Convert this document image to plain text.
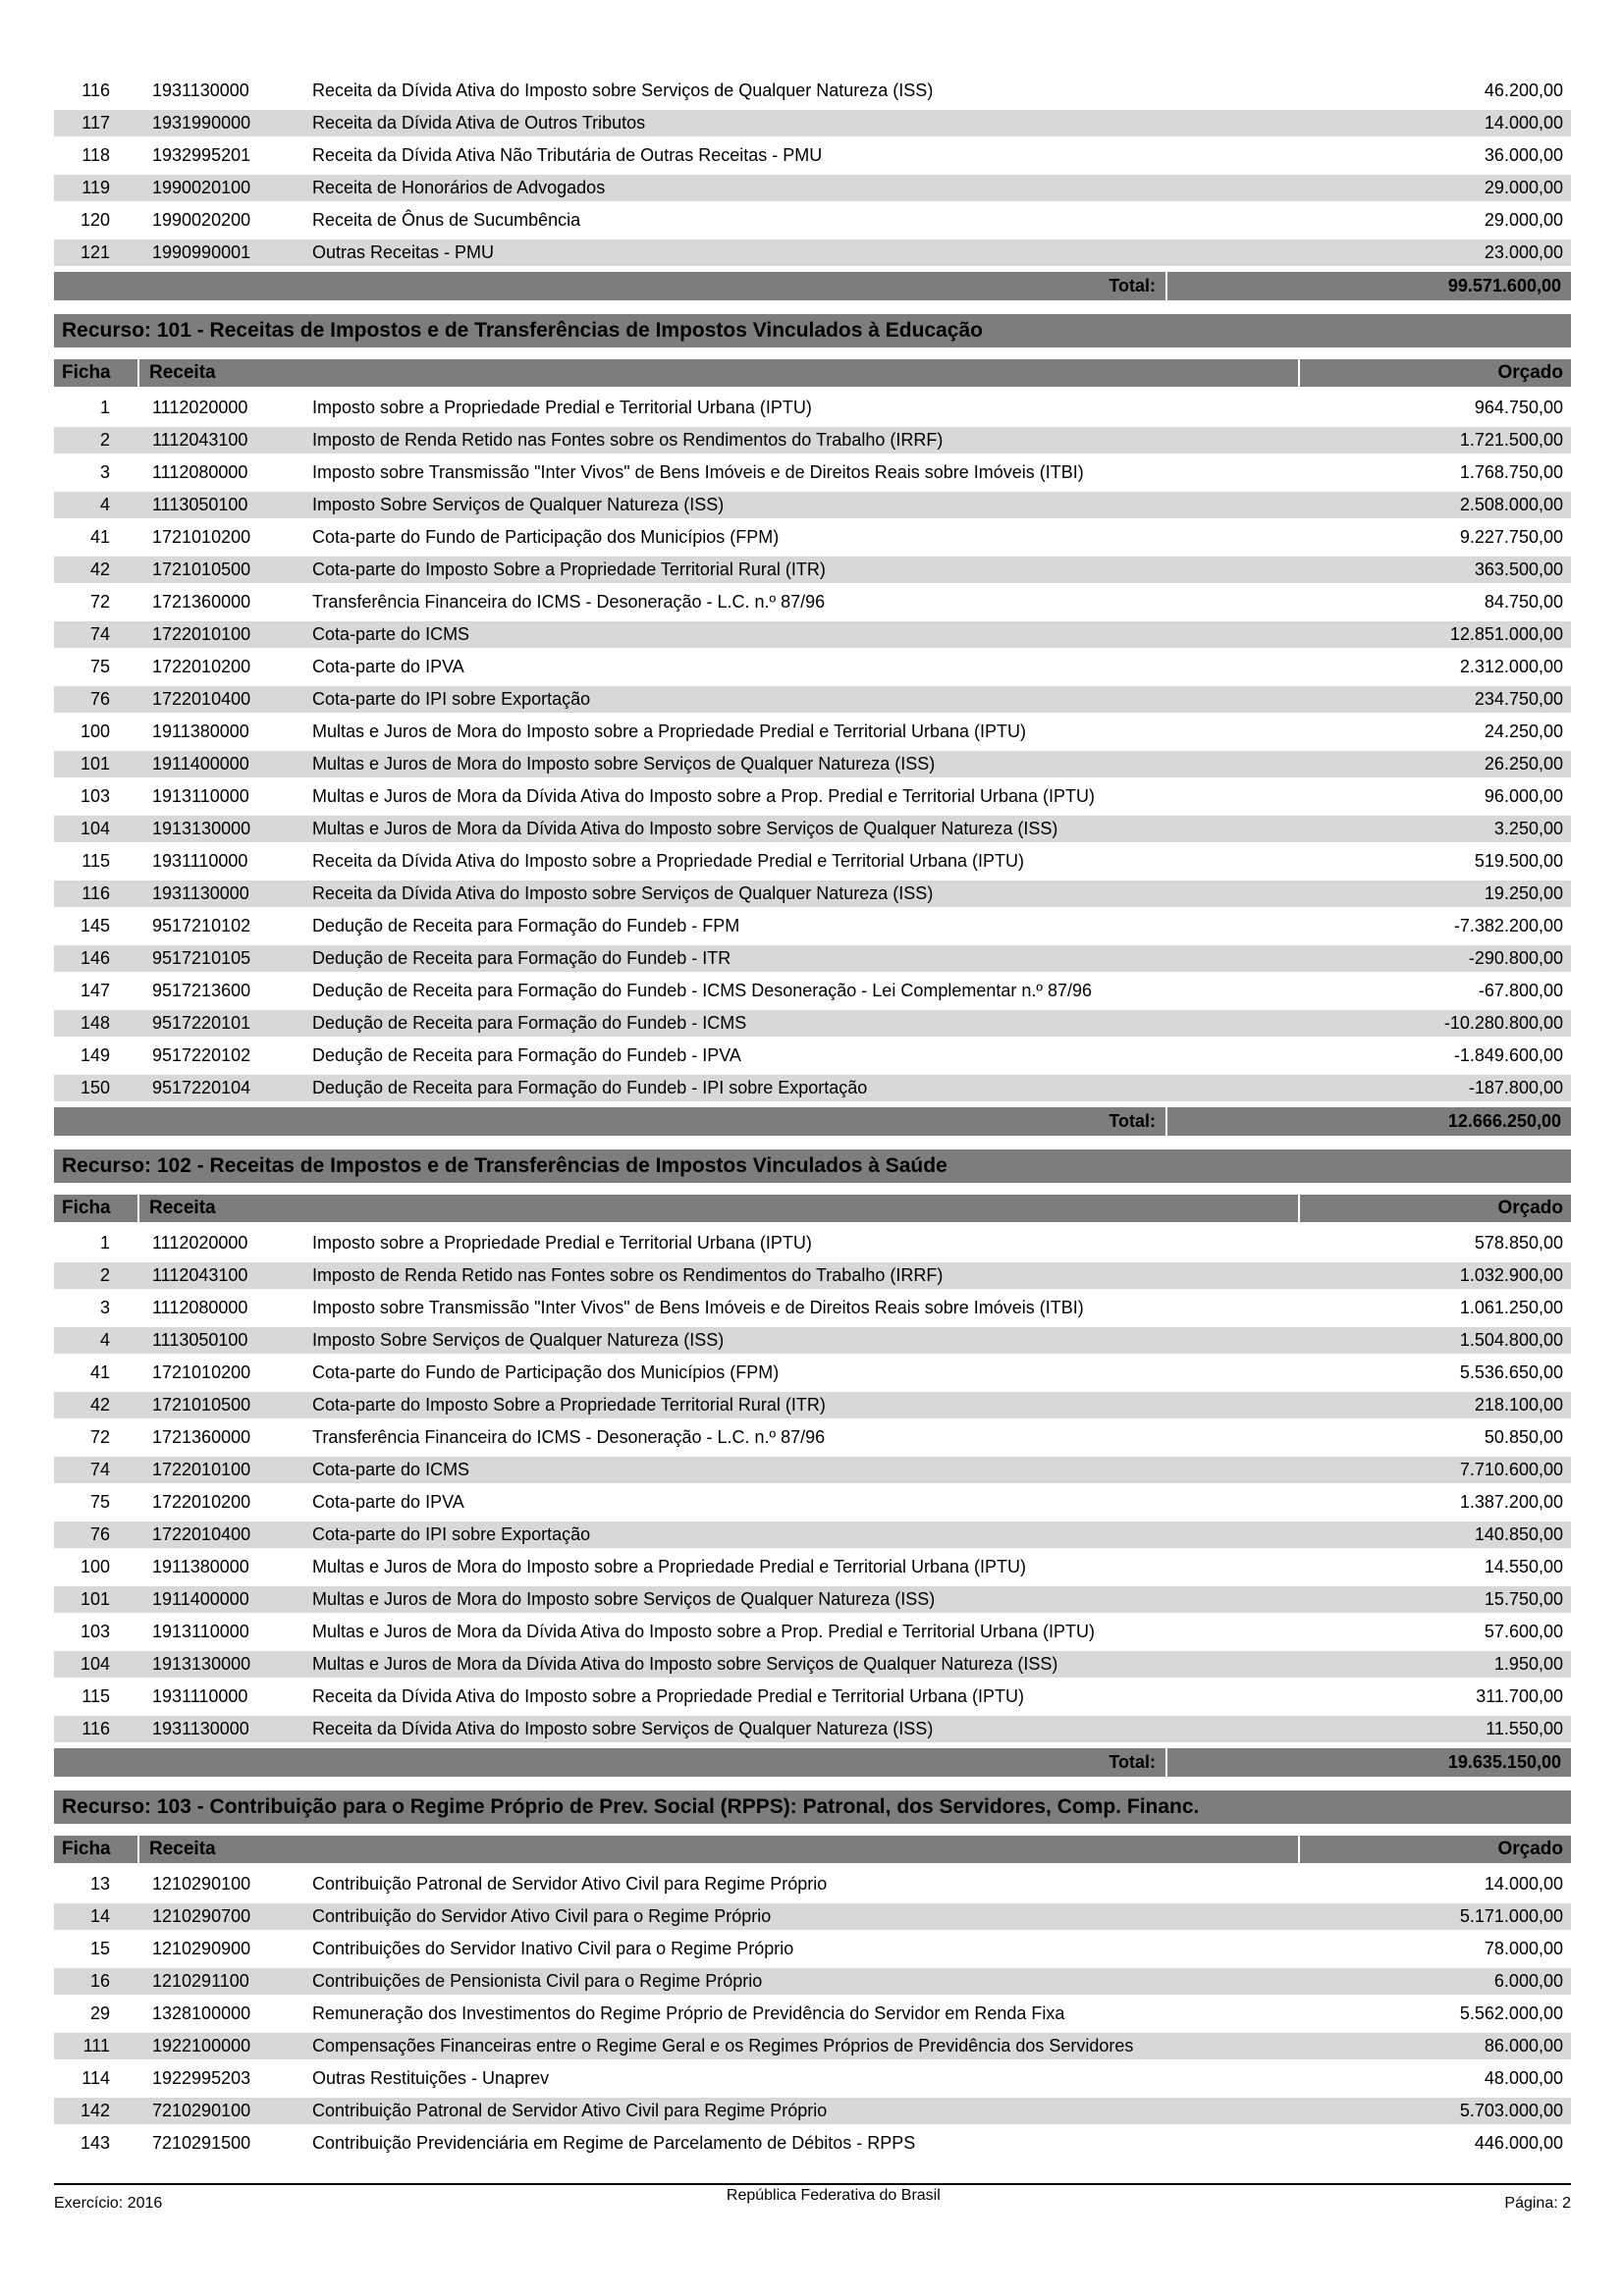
116	1931130000	Receita da Dívida Ativa do Imposto sobre Serviços de Qualquer Natureza (ISS)	46.200,00
117	1931990000	Receita da Dívida Ativa de Outros Tributos	14.000,00
118	1932995201	Receita da Dívida Ativa Não Tributária de Outras Receitas - PMU	36.000,00
119	1990020100	Receita de Honorários de Advogados	29.000,00
120	1990020200	Receita de Ônus de Sucumbência	29.000,00
121	1990990001	Outras Receitas - PMU	23.000,00
Total:	99.571.600,00
Recurso: 101 - Receitas de Impostos e de Transferências de Impostos Vinculados à Educação
Ficha	Receita	Orçado
1	1112020000	Imposto sobre a Propriedade Predial e Territorial Urbana (IPTU)	964.750,00
2	1112043100	Imposto de Renda Retido nas Fontes sobre os Rendimentos do Trabalho (IRRF)	1.721.500,00
3	1112080000	Imposto sobre Transmissão "Inter Vivos" de Bens Imóveis e de Direitos Reais sobre Imóveis (ITBI)	1.768.750,00
4	1113050100	Imposto Sobre Serviços de Qualquer Natureza (ISS)	2.508.000,00
41	1721010200	Cota-parte do Fundo de Participação dos Municípios (FPM)	9.227.750,00
42	1721010500	Cota-parte do Imposto Sobre a Propriedade Territorial Rural (ITR)	363.500,00
72	1721360000	Transferência Financeira do ICMS - Desoneração - L.C. n.º 87/96	84.750,00
74	1722010100	Cota-parte do ICMS	12.851.000,00
75	1722010200	Cota-parte do IPVA	2.312.000,00
76	1722010400	Cota-parte do IPI sobre Exportação	234.750,00
100	1911380000	Multas e Juros de Mora do Imposto sobre a Propriedade Predial e Territorial Urbana (IPTU)	24.250,00
101	1911400000	Multas e Juros de Mora do Imposto sobre Serviços de Qualquer Natureza (ISS)	26.250,00
103	1913110000	Multas e Juros de Mora da Dívida Ativa do Imposto sobre a Prop. Predial e Territorial Urbana (IPTU)	96.000,00
104	1913130000	Multas e Juros de Mora da Dívida Ativa do Imposto sobre Serviços de Qualquer Natureza (ISS)	3.250,00
115	1931110000	Receita da Dívida Ativa do Imposto sobre a Propriedade Predial e Territorial Urbana (IPTU)	519.500,00
116	1931130000	Receita da Dívida Ativa do Imposto sobre Serviços de Qualquer Natureza (ISS)	19.250,00
145	9517210102	Dedução de Receita para Formação do Fundeb - FPM	-7.382.200,00
146	9517210105	Dedução de Receita para Formação do Fundeb - ITR	-290.800,00
147	9517213600	Dedução de Receita para Formação do Fundeb - ICMS Desoneração - Lei Complementar n.º 87/96	-67.800,00
148	9517220101	Dedução de Receita para Formação do Fundeb - ICMS	-10.280.800,00
149	9517220102	Dedução de Receita para Formação do Fundeb - IPVA	-1.849.600,00
150	9517220104	Dedução de Receita para Formação do Fundeb - IPI sobre Exportação	-187.800,00
Total:	12.666.250,00
Recurso: 102 - Receitas de Impostos e de Transferências de Impostos Vinculados à Saúde
Ficha	Receita	Orçado
1	1112020000	Imposto sobre a Propriedade Predial e Territorial Urbana (IPTU)	578.850,00
2	1112043100	Imposto de Renda Retido nas Fontes sobre os Rendimentos do Trabalho (IRRF)	1.032.900,00
3	1112080000	Imposto sobre Transmissão "Inter Vivos" de Bens Imóveis e de Direitos Reais sobre Imóveis (ITBI)	1.061.250,00
4	1113050100	Imposto Sobre Serviços de Qualquer Natureza (ISS)	1.504.800,00
41	1721010200	Cota-parte do Fundo de Participação dos Municípios (FPM)	5.536.650,00
42	1721010500	Cota-parte do Imposto Sobre a Propriedade Territorial Rural (ITR)	218.100,00
72	1721360000	Transferência Financeira do ICMS - Desoneração - L.C. n.º 87/96	50.850,00
74	1722010100	Cota-parte do ICMS	7.710.600,00
75	1722010200	Cota-parte do IPVA	1.387.200,00
76	1722010400	Cota-parte do IPI sobre Exportação	140.850,00
100	1911380000	Multas e Juros de Mora do Imposto sobre a Propriedade Predial e Territorial Urbana (IPTU)	14.550,00
101	1911400000	Multas e Juros de Mora do Imposto sobre Serviços de Qualquer Natureza (ISS)	15.750,00
103	1913110000	Multas e Juros de Mora da Dívida Ativa do Imposto sobre a Prop. Predial e Territorial Urbana (IPTU)	57.600,00
104	1913130000	Multas e Juros de Mora da Dívida Ativa do Imposto sobre Serviços de Qualquer Natureza (ISS)	1.950,00
115	1931110000	Receita da Dívida Ativa do Imposto sobre a Propriedade Predial e Territorial Urbana (IPTU)	311.700,00
116	1931130000	Receita da Dívida Ativa do Imposto sobre Serviços de Qualquer Natureza (ISS)	11.550,00
Total:	19.635.150,00
Recurso: 103 - Contribuição para o Regime Próprio de Prev. Social (RPPS): Patronal, dos Servidores, Comp. Financ.
Ficha	Receita	Orçado
13	1210290100	Contribuição Patronal de Servidor Ativo Civil para Regime Próprio	14.000,00
14	1210290700	Contribuição do Servidor Ativo Civil para o Regime Próprio	5.171.000,00
15	1210290900	Contribuições do Servidor Inativo Civil para o Regime Próprio	78.000,00
16	1210291100	Contribuições de Pensionista Civil para o Regime Próprio	6.000,00
29	1328100000	Remuneração dos Investimentos do Regime Próprio de Previdência do Servidor em Renda Fixa	5.562.000,00
111	1922100000	Compensações Financeiras entre o Regime Geral e os Regimes Próprios de Previdência dos Servidores	86.000,00
114	1922995203	Outras Restituições - Unaprev	48.000,00
142	7210290100	Contribuição Patronal de Servidor Ativo Civil para Regime Próprio	5.703.000,00
143	7210291500	Contribuição Previdenciária em Regime de Parcelamento de Débitos - RPPS	446.000,00
Exercício: 2016	República Federativa do Brasil	Página: 2
